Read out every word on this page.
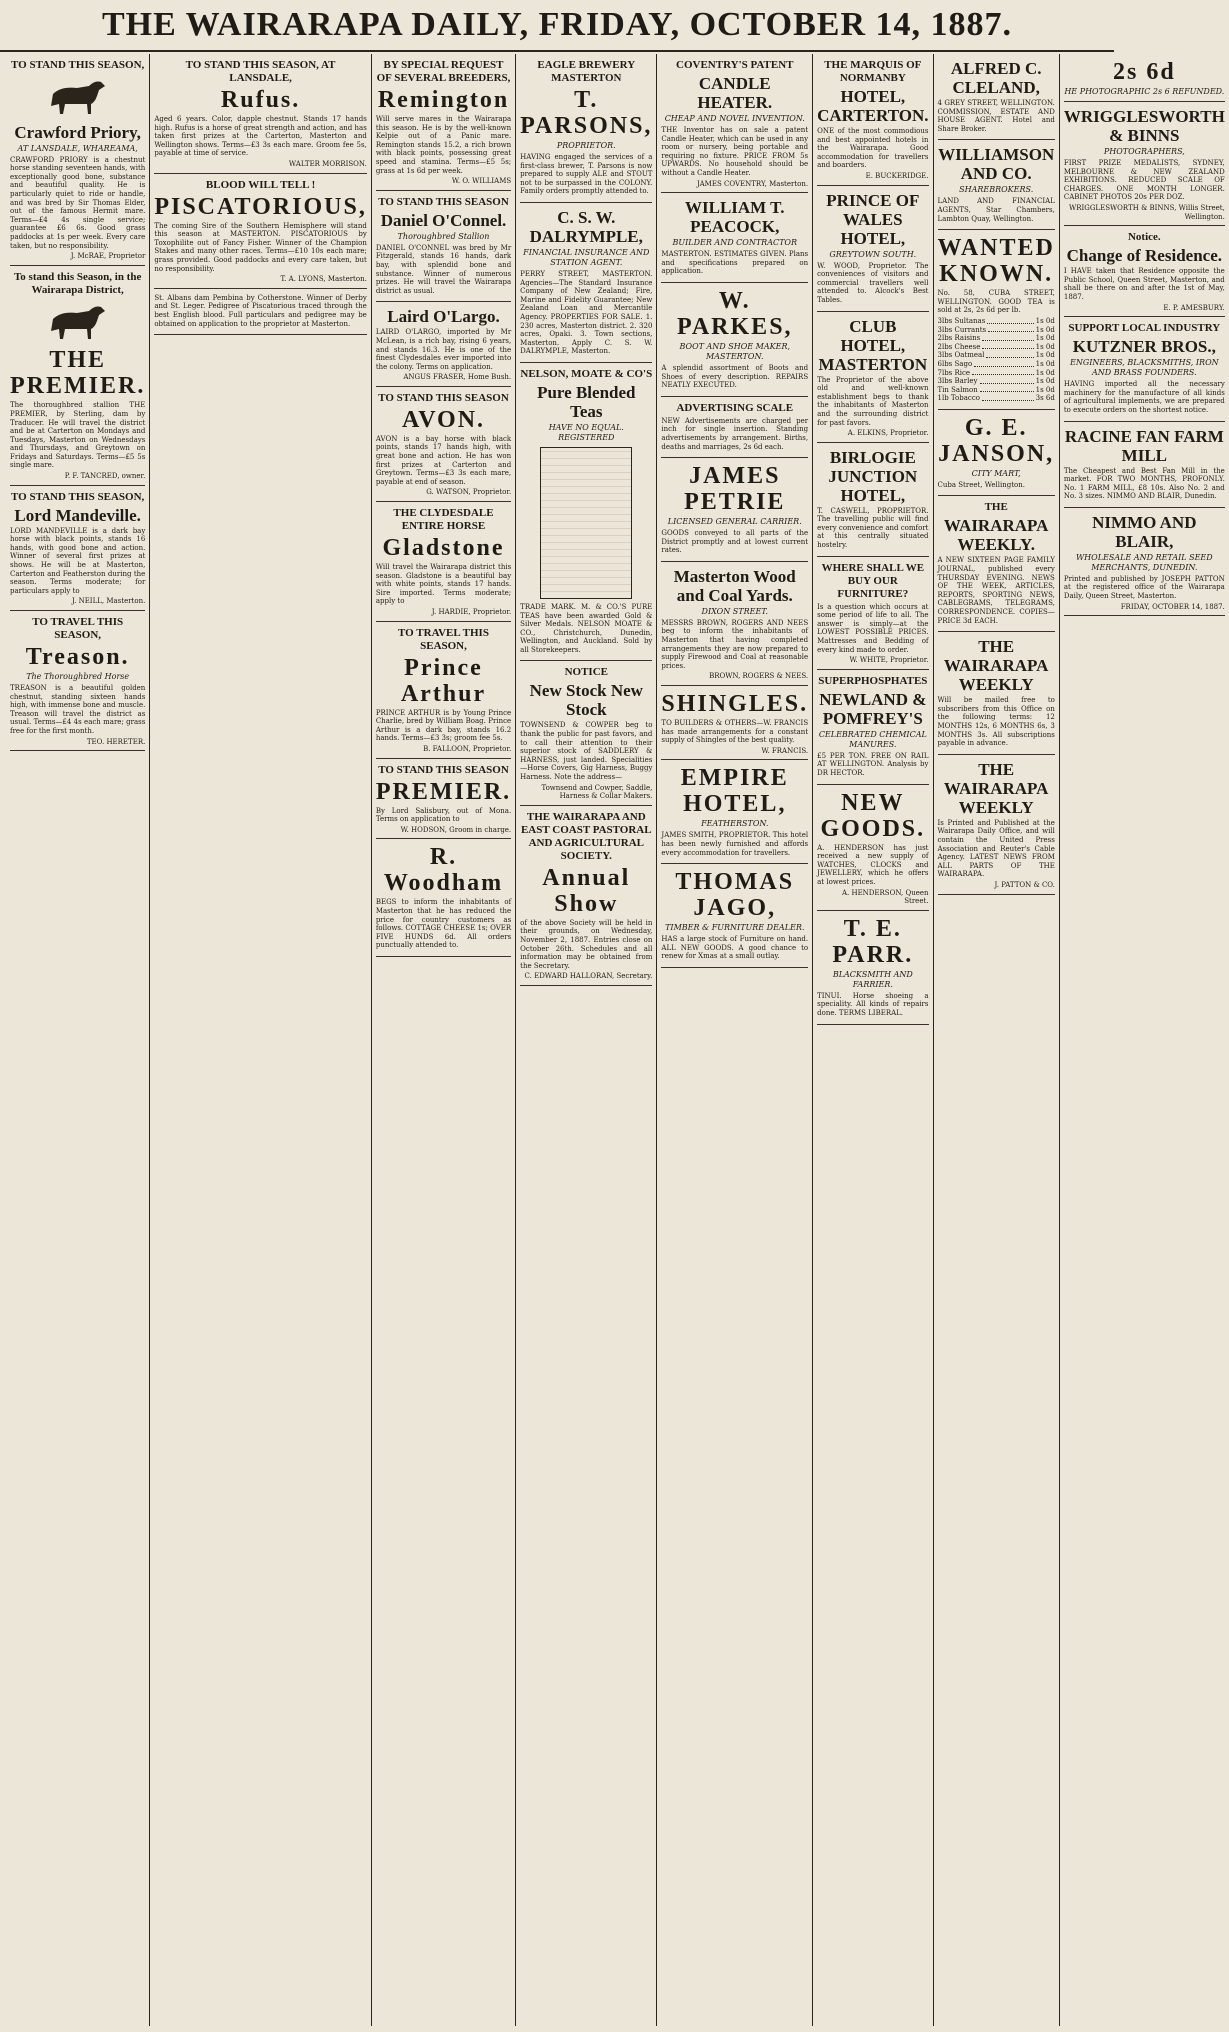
THE WAIRARAPA DAILY, FRIDAY, OCTOBER 14, 1887.
TO STAND THIS SEASON,
Crawford Priory,
AT LANSDALE, WHAREAMA,

CRAWFORD PRIORY is a chestnut horse standing seventeen hands, with exceptionally good bone, substance and beautiful quality. He is particularly quiet to ride or handle, and was bred by Sir Thomas Elder, out of the famous Hermit mare. Terms—£4 4s single service; guarantee £6 6s. Good grass paddocks at 1s per week. Every care taken, but no responsibility.

J. McRAE, Proprietor
To stand this Season, in the Wairarapa District,
THE PREMIER.

The thoroughbred stallion THE PREMIER, by Sterling, dam by Traducer. He will travel the district and be at Carterton on Mondays and Tuesdays, Masterton on Wednesdays and Thursdays, and Greytown on Fridays and Saturdays. Terms—£5 5s single mare.

P. F. TANCRED, owner.
TO STAND THIS SEASON,
Lord Mandeville.

LORD MANDEVILLE is a dark bay horse with black points, stands 16 hands, with good bone and action. Winner of several first prizes at shows. He will be at Masterton, Carterton and Featherston during the season. Terms moderate; for particulars apply to

J. NEILL, Masterton.
TO TRAVEL THIS SEASON,
Treason.
The Thoroughbred Horse

TREASON is a beautiful golden chestnut, standing sixteen hands high, with immense bone and muscle. Treason will travel the district as usual. Terms—£4 4s each mare; grass free for the first month.

TEO. HERETER.
TO STAND THIS SEASON, AT LANSDALE,
Rufus.

Aged 6 years. Color, dapple chestnut. Stands 17 hands high. Rufus is a horse of great strength and action, and has taken first prizes at the Carterton, Masterton and Wellington shows. Terms—£3 3s each mare. Groom fee 5s, payable at time of service.

WALTER MORRISON.
BLOOD WILL TELL !
PISCATORIOUS,

The coming Sire of the Southern Hemisphere will stand this season at MASTERTON. PISCATORIOUS by Toxophilite out of Fancy Fisher. Winner of the Champion Stakes and many other races. Terms—£10 10s each mare; grass provided. Good paddocks and every care taken, but no responsibility.

T. A. LYONS, Masterton.

St. Albans dam Pembina by Cotherstone. Winner of Derby and St. Leger. Pedigree of Piscatorious traced through the best English blood. Full particulars and pedigree may be obtained on application to the proprietor at Masterton.

BY SPECIAL REQUEST OF SEVERAL BREEDERS,
Remington

Will serve mares in the Wairarapa this season. He is by the well-known Kelpie out of a Panic mare. Remington stands 15.2, a rich brown with black points, possessing great speed and stamina. Terms—£5 5s; grass at 1s 6d per week.

W. O. WILLIAMS
TO STAND THIS SEASON
Daniel O'Connel.
Thoroughbred Stallion

DANIEL O'CONNEL was bred by Mr Fitzgerald, stands 16 hands, dark bay, with splendid bone and substance. Winner of numerous prizes. He will travel the Wairarapa district as usual.

Laird O'Largo.

LAIRD O'LARGO, imported by Mr McLean, is a rich bay, rising 6 years, and stands 16.3. He is one of the finest Clydesdales ever imported into the colony. Terms on application.

ANGUS FRASER, Home Bush.
TO STAND THIS SEASON
AVON.

AVON is a bay horse with black points, stands 17 hands high, with great bone and action. He has won first prizes at Carterton and Greytown. Terms—£3 3s each mare, payable at end of season.

G. WATSON, Proprietor.
THE CLYDESDALE ENTIRE HORSE
Gladstone

Will travel the Wairarapa district this season. Gladstone is a beautiful bay with white points, stands 17 hands. Sire imported. Terms moderate; apply to

J. HARDIE, Proprietor.
TO TRAVEL THIS SEASON,
Prince Arthur

PRINCE ARTHUR is by Young Prince Charlie, bred by William Boag. Prince Arthur is a dark bay, stands 16.2 hands. Terms—£3 3s; groom fee 5s.

B. FALLOON, Proprietor.
TO STAND THIS SEASON
PREMIER.

By Lord Salisbury, out of Mona. Terms on application to

W. HODSON, Groom in charge.
R. Woodham

BEGS to inform the inhabitants of Masterton that he has reduced the price for country customers as follows. COTTAGE CHEESE 1s; OVER FIVE HUNDS 6d. All orders punctually attended to.

EAGLE BREWERY MASTERTON
T. PARSONS,
PROPRIETOR.

HAVING engaged the services of a first-class brewer, T. Parsons is now prepared to supply ALE and STOUT not to be surpassed in the COLONY. Family orders promptly attended to.

C. S. W. DALRYMPLE,
FINANCIAL INSURANCE AND STATION AGENT.

PERRY STREET, MASTERTON. Agencies—The Standard Insurance Company of New Zealand; Fire, Marine and Fidelity Guarantee; New Zealand Loan and Mercantile Agency. PROPERTIES FOR SALE. 1. 230 acres, Masterton district. 2. 320 acres, Opaki. 3. Town sections, Masterton. Apply C. S. W. DALRYMPLE, Masterton.

NELSON, MOATE & CO'S
Pure Blended Teas
HAVE NO EQUAL. REGISTERED

TRADE MARK. M. & CO.'S PURE TEAS have been awarded Gold & Silver Medals. NELSON MOATE & CO., Christchurch, Dunedin, Wellington, and Auckland. Sold by all Storekeepers.

NOTICE
New Stock New Stock

TOWNSEND & COWPER beg to thank the public for past favors, and to call their attention to their superior stock of SADDLERY & HARNESS, just landed. Specialities—Horse Covers, Gig Harness, Buggy Harness. Note the address—

Townsend and Cowper, Saddle, Harness & Collar Makers.
THE WAIRARAPA AND EAST COAST PASTORAL AND AGRICULTURAL SOCIETY.
Annual Show

of the above Society will be held in their grounds, on Wednesday, November 2, 1887. Entries close on October 26th. Schedules and all information may be obtained from the Secretary.

C. EDWARD HALLORAN, Secretary.
COVENTRY'S PATENT
CANDLE HEATER.
CHEAP AND NOVEL INVENTION.

THE Inventor has on sale a patent Candle Heater, which can be used in any room or nursery, being portable and requiring no fixture. PRICE FROM 5s UPWARDS. No household should be without a Candle Heater.

JAMES COVENTRY, Masterton.
WILLIAM T. PEACOCK,
BUILDER AND CONTRACTOR

MASTERTON. ESTIMATES GIVEN. Plans and specifications prepared on application.

W. PARKES,
BOOT AND SHOE MAKER, MASTERTON.

A splendid assortment of Boots and Shoes of every description. REPAIRS NEATLY EXECUTED.

ADVERTISING SCALE

NEW Advertisements are charged per inch for single insertion. Standing advertisements by arrangement. Births, deaths and marriages, 2s 6d each.

JAMES PETRIE
LICENSED GENERAL CARRIER.

GOODS conveyed to all parts of the District promptly and at lowest current rates.

Masterton Wood and Coal Yards.
DIXON STREET.

MESSRS BROWN, ROGERS AND NEES beg to inform the inhabitants of Masterton that having completed arrangements they are now prepared to supply Firewood and Coal at reasonable prices.

BROWN, ROGERS & NEES.
SHINGLES.

TO BUILDERS & OTHERS—W. FRANCIS has made arrangements for a constant supply of Shingles of the best quality.

W. FRANCIS.
EMPIRE HOTEL,
FEATHERSTON.

JAMES SMITH, PROPRIETOR. This hotel has been newly furnished and affords every accommodation for travellers.

THOMAS JAGO,
TIMBER & FURNITURE DEALER.

HAS a large stock of Furniture on hand. ALL NEW GOODS. A good chance to renew for Xmas at a small outlay.

THE MARQUIS OF NORMANBY
HOTEL, CARTERTON.

ONE of the most commodious and best appointed hotels in the Wairarapa. Good accommodation for travellers and boarders.

E. BUCKERIDGE.
PRINCE OF WALES HOTEL,
GREYTOWN SOUTH.

W. WOOD, Proprietor. The conveniences of visitors and commercial travellers well attended to. Alcock's Best Tables.

CLUB HOTEL, MASTERTON

The Proprietor of the above old and well-known establishment begs to thank the inhabitants of Masterton and the surrounding district for past favors.

A. ELKINS, Proprietor.
BIRLOGIE JUNCTION HOTEL,

T. CASWELL, PROPRIETOR. The travelling public will find every convenience and comfort at this centrally situated hostelry.

WHERE SHALL WE BUY OUR FURNITURE?

Is a question which occurs at some period of life to all. The answer is simply—at the LOWEST POSSIBLE PRICES. Mattresses and Bedding of every kind made to order.

W. WHITE, Proprietor.
SUPERPHOSPHATES
NEWLAND & POMFREY'S
CELEBRATED CHEMICAL MANURES.

£5 PER TON. FREE ON RAIL AT WELLINGTON. Analysis by DR HECTOR.

NEW GOODS.

A. HENDERSON has just received a new supply of WATCHES, CLOCKS and JEWELLERY, which he offers at lowest prices.

A. HENDERSON, Queen Street.
T. E. PARR.
BLACKSMITH AND FARRIER.

TINUI. Horse shoeing a speciality. All kinds of repairs done. TERMS LIBERAL.

ALFRED C. CLELAND,

4 GREY STREET, WELLINGTON. COMMISSION, ESTATE AND HOUSE AGENT. Hotel and Share Broker.

WILLIAMSON AND CO.
SHAREBROKERS.

LAND AND FINANCIAL AGENTS, Star Chambers, Lambton Quay, Wellington.

WANTED KNOWN.

No. 58, CUBA STREET, WELLINGTON. GOOD TEA is sold at 2s, 2s 6d per lb.

3lbs Sultanas	1s 0d
3lbs Currants	1s 0d
2lbs Raisins	1s 0d
2lbs Cheese	1s 0d
3lbs Oatmeal	1s 0d
6lbs Sago	1s 0d
7lbs Rice	1s 0d
3lbs Barley	1s 0d
Tin Salmon	1s 0d
1lb Tobacco	3s 6d
G. E. JANSON,
CITY MART,

Cuba Street, Wellington.

THE
WAIRARAPA WEEKLY.

A NEW SIXTEEN PAGE FAMILY JOURNAL, published every THURSDAY EVENING. NEWS OF THE WEEK, ARTICLES, REPORTS, SPORTING NEWS, CABLEGRAMS, TELEGRAMS, CORRESPONDENCE. COPIES—PRICE 3d EACH.

THE WAIRARAPA WEEKLY

Will be mailed free to subscribers from this Office on the following terms: 12 MONTHS 12s, 6 MONTHS 6s, 3 MONTHS 3s. All subscriptions payable in advance.

THE WAIRARAPA WEEKLY

Is Printed and Published at the Wairarapa Daily Office, and will contain the United Press Association and Reuter's Cable Agency. LATEST NEWS FROM ALL PARTS OF THE WAIRARAPA.

J. PATTON & CO.
2s 6d
HE PHOTOGRAPHIC 2s 6 REFUNDED.
WRIGGLESWORTH & BINNS
PHOTOGRAPHERS,

FIRST PRIZE MEDALISTS, SYDNEY, MELBOURNE & NEW ZEALAND EXHIBITIONS. REDUCED SCALE OF CHARGES. ONE MONTH LONGER. CABINET PHOTOS 20s PER DOZ.

WRIGGLESWORTH & BINNS, Willis Street, Wellington.
Notice.
Change of Residence.

I HAVE taken that Residence opposite the Public School, Queen Street, Masterton, and shall be there on and after the 1st of May, 1887.

E. P. AMESBURY.
SUPPORT LOCAL INDUSTRY
KUTZNER BROS.,
ENGINEERS, BLACKSMITHS, IRON AND BRASS FOUNDERS.

HAVING imported all the necessary machinery for the manufacture of all kinds of agricultural implements, we are prepared to execute orders on the shortest notice.

RACINE FAN FARM MILL

The Cheapest and Best Fan Mill in the market. FOR TWO MONTHS, PROFONLY. No. 1 FARM MILL, £8 10s. Also No. 2 and No. 3 sizes. NIMMO AND BLAIR, Dunedin.

NIMMO AND BLAIR,
WHOLESALE AND RETAIL SEED MERCHANTS, DUNEDIN.

Printed and published by JOSEPH PATTON at the registered office of the Wairarapa Daily, Queen Street, Masterton.

FRIDAY, OCTOBER 14, 1887.
